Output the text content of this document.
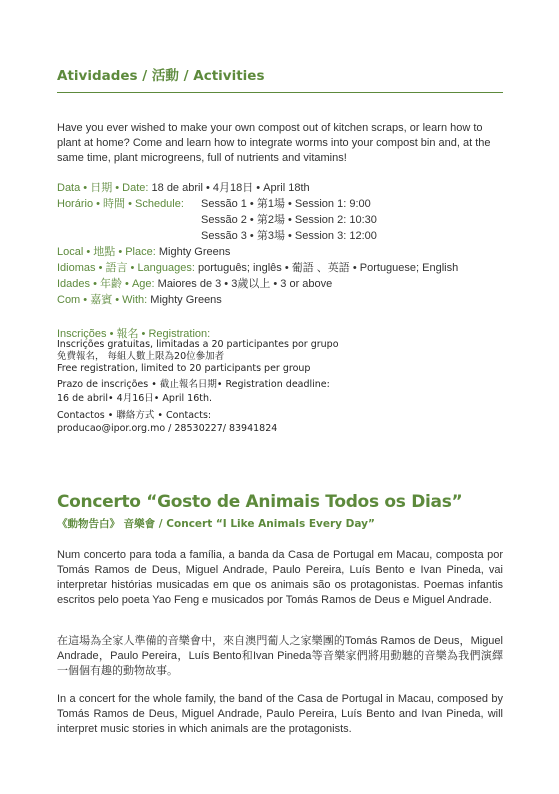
Atividades / 活動 / Activities
Have you ever wished to make your own compost out of kitchen scraps, or learn how to plant at home? Come and learn how to integrate worms into your compost bin and, at the same time, plant microgreens, full of nutrients and vitamins!
Data • 日期 • Date: 18 de abril • 4月18日 • April 18th
Horário • 時間 • Schedule:	Sessão 1 • 第1場 • Session 1: 9:00
Sessão 2 • 第2場 • Session 2: 10:30
Sessão 3 • 第3場 • Session 3: 12:00
Local • 地點 • Place: Mighty Greens
Idiomas • 語言 • Languages: português; inglês • 葡語 、英語 • Portuguese; English
Idades • 年齡 • Age: Maiores de 3 • 3歲以上 • 3 or above
Com • 嘉賓 • With: Mighty Greens
Inscrições • 報名 • Registration:
Inscrições gratuitas, limitadas a 20 participantes por grupo
免費報名， 每組人數上限為20位參加者
Free registration, limited to 20 participants per group
Prazo de inscrições • 截止報名日期• Registration deadline:
16 de abril• 4月16日• April 16th.
Contactos • 聯絡方式 • Contacts:
producao@ipor.org.mo / 28530227/ 83941824
Concerto “Gosto de Animais Todos os Dias”
《動物告白》 音樂會 / Concert “I Like Animals Every Day”
Num concerto para toda a família, a banda da Casa de Portugal em Macau, composta por Tomás Ramos de Deus, Miguel Andrade, Paulo Pereira, Luís Bento e Ivan Pineda, vai interpretar histórias musicadas em que os animais são os protagonistas. Poemas infantis escritos pelo poeta Yao Feng e musicados por Tomás Ramos de Deus e Miguel Andrade.
在這場為全家人準備的音樂會中，來自澳門葡人之家樂團的Tomás Ramos de Deus，Miguel Andrade，Paulo Pereira，Luís Bento和Ivan Pineda等音樂家們將用動聽的音樂為我們演繹一個個有趣的動物故事。
In a concert for the whole family, the band of the Casa de Portugal in Macau, composed by Tomás Ramos de Deus, Miguel Andrade, Paulo Pereira, Luís Bento and Ivan Pineda, will interpret music stories in which animals are the protagonists.
